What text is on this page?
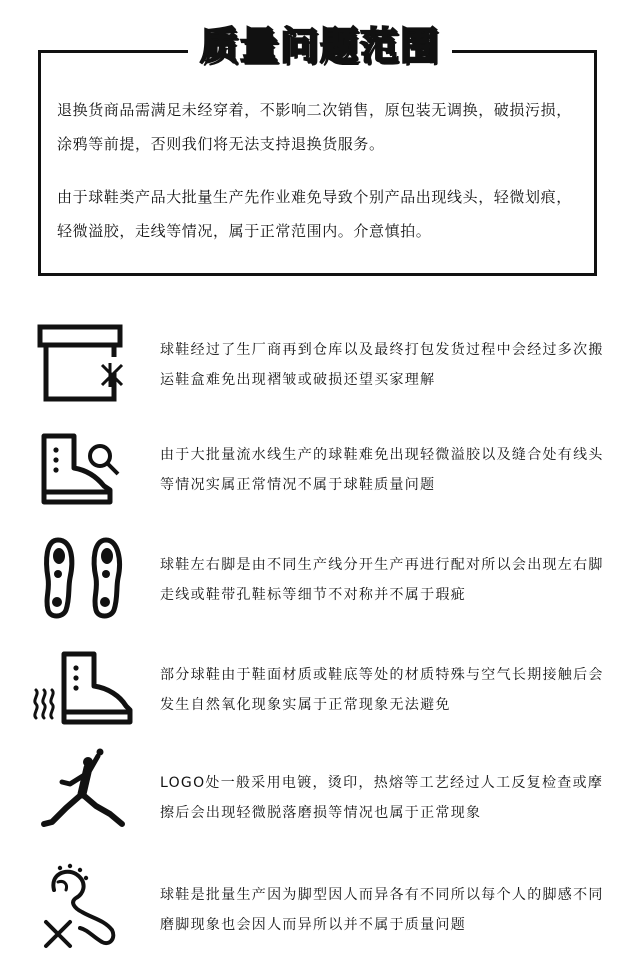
质量问题范围

退换货商品需满足未经穿着，不影响二次销售，原包装无调换，破损污损，涂鸦等前提，否则我们将无法支持退换货服务。

由于球鞋类产品大批量生产先作业难免导致个别产品出现线头，轻微划痕，轻微溢胶，走线等情况，属于正常范围内。介意慎拍。

球鞋经过了生厂商再到仓库以及最终打包发货过程中会经过多次搬运鞋盒难免出现褶皱或破损还望买家理解

由于大批量流水线生产的球鞋难免出现轻微溢胶以及缝合处有线头等情况实属正常情况不属于球鞋质量问题

球鞋左右脚是由不同生产线分开生产再进行配对所以会出现左右脚走线或鞋带孔鞋标等细节不对称并不属于瑕疵

部分球鞋由于鞋面材质或鞋底等处的材质特殊与空气长期接触后会发生自然氧化现象实属于正常现象无法避免

LOGO处一般采用电镀，烫印，热熔等工艺经过人工反复检查或摩擦后会出现轻微脱落磨损等情况也属于正常现象

球鞋是批量生产因为脚型因人而异各有不同所以每个人的脚感不同磨脚现象也会因人而异所以并不属于质量问题
